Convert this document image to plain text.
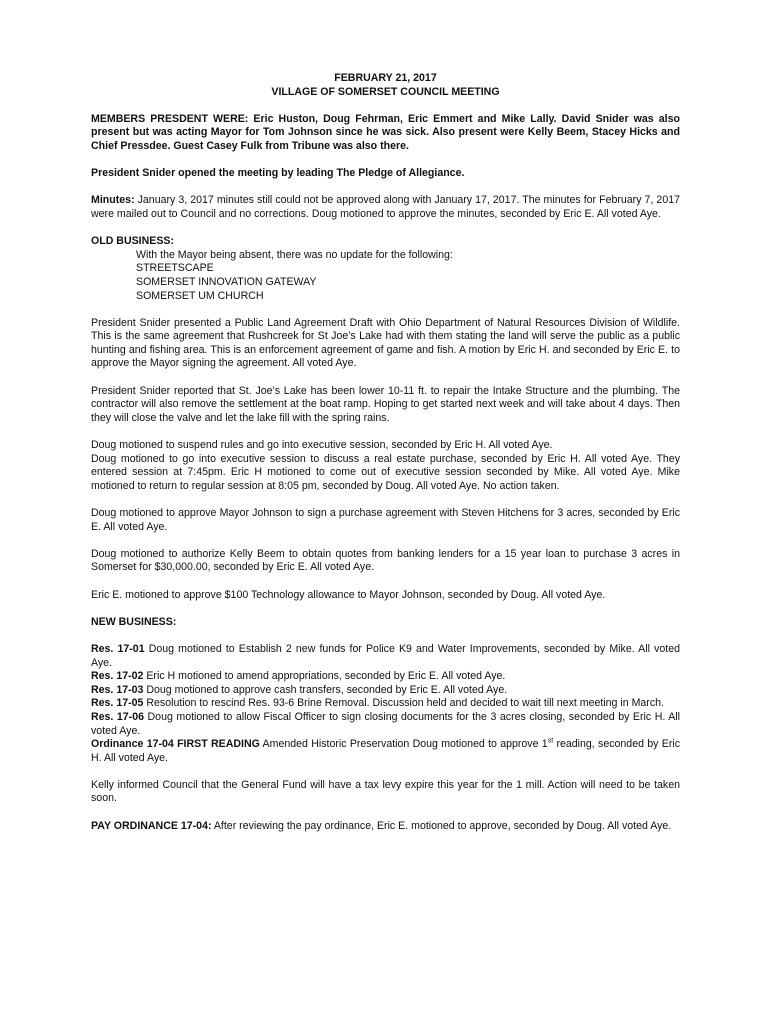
FEBRUARY 21, 2017
VILLAGE OF SOMERSET COUNCIL MEETING

MEMBERS PRESDENT WERE: Eric Huston, Doug Fehrman, Eric Emmert and Mike Lally. David Snider was also present but was acting Mayor for Tom Johnson since he was sick. Also present were Kelly Beem, Stacey Hicks and Chief Pressdee. Guest Casey Fulk from Tribune was also there.

President Snider opened the meeting by leading The Pledge of Allegiance.

Minutes: January 3, 2017 minutes still could not be approved along with January 17, 2017. The minutes for February 7, 2017 were mailed out to Council and no corrections. Doug motioned to approve the minutes, seconded by Eric E. All voted Aye.

OLD BUSINESS:
With the Mayor being absent, there was no update for the following:
STREETSCAPE
SOMERSET INNOVATION GATEWAY
SOMERSET UM CHURCH

President Snider presented a Public Land Agreement Draft with Ohio Department of Natural Resources Division of Wildlife. This is the same agreement that Rushcreek for St Joe’s Lake had with them stating the land will serve the public as a public hunting and fishing area. This is an enforcement agreement of game and fish. A motion by Eric H. and seconded by Eric E. to approve the Mayor signing the agreement. All voted Aye.

President Snider reported that St. Joe’s Lake has been lower 10-11 ft. to repair the Intake Structure and the plumbing. The contractor will also remove the settlement at the boat ramp. Hoping to get started next week and will take about 4 days. Then they will close the valve and let the lake fill with the spring rains.

Doug motioned to suspend rules and go into executive session, seconded by Eric H. All voted Aye.

Doug motioned to go into executive session to discuss a real estate purchase, seconded by Eric H. All voted Aye. They entered session at 7:45pm. Eric H motioned to come out of executive session seconded by Mike. All voted Aye. Mike motioned to return to regular session at 8:05 pm, seconded by Doug. All voted Aye. No action taken.

Doug motioned to approve Mayor Johnson to sign a purchase agreement with Steven Hitchens for 3 acres, seconded by Eric E. All voted Aye.

Doug motioned to authorize Kelly Beem to obtain quotes from banking lenders for a 15 year loan to purchase 3 acres in Somerset for $30,000.00, seconded by Eric E. All voted Aye.

Eric E. motioned to approve $100 Technology allowance to Mayor Johnson, seconded by Doug. All voted Aye.

NEW BUSINESS:

Res. 17-01 Doug motioned to Establish 2 new funds for Police K9 and Water Improvements, seconded by Mike. All voted Aye.

Res. 17-02 Eric H motioned to amend appropriations, seconded by Eric E. All voted Aye.

Res. 17-03 Doug motioned to approve cash transfers, seconded by Eric E. All voted Aye.

Res. 17-05 Resolution to rescind Res. 93-6 Brine Removal. Discussion held and decided to wait till next meeting in March.

Res. 17-06 Doug motioned to allow Fiscal Officer to sign closing documents for the 3 acres closing, seconded by Eric H. All voted Aye.

Ordinance 17-04 FIRST READING Amended Historic Preservation Doug motioned to approve 1st reading, seconded by Eric H. All voted Aye.

Kelly informed Council that the General Fund will have a tax levy expire this year for the 1 mill. Action will need to be taken soon.

PAY ORDINANCE 17-04: After reviewing the pay ordinance, Eric E. motioned to approve, seconded by Doug. All voted Aye.
